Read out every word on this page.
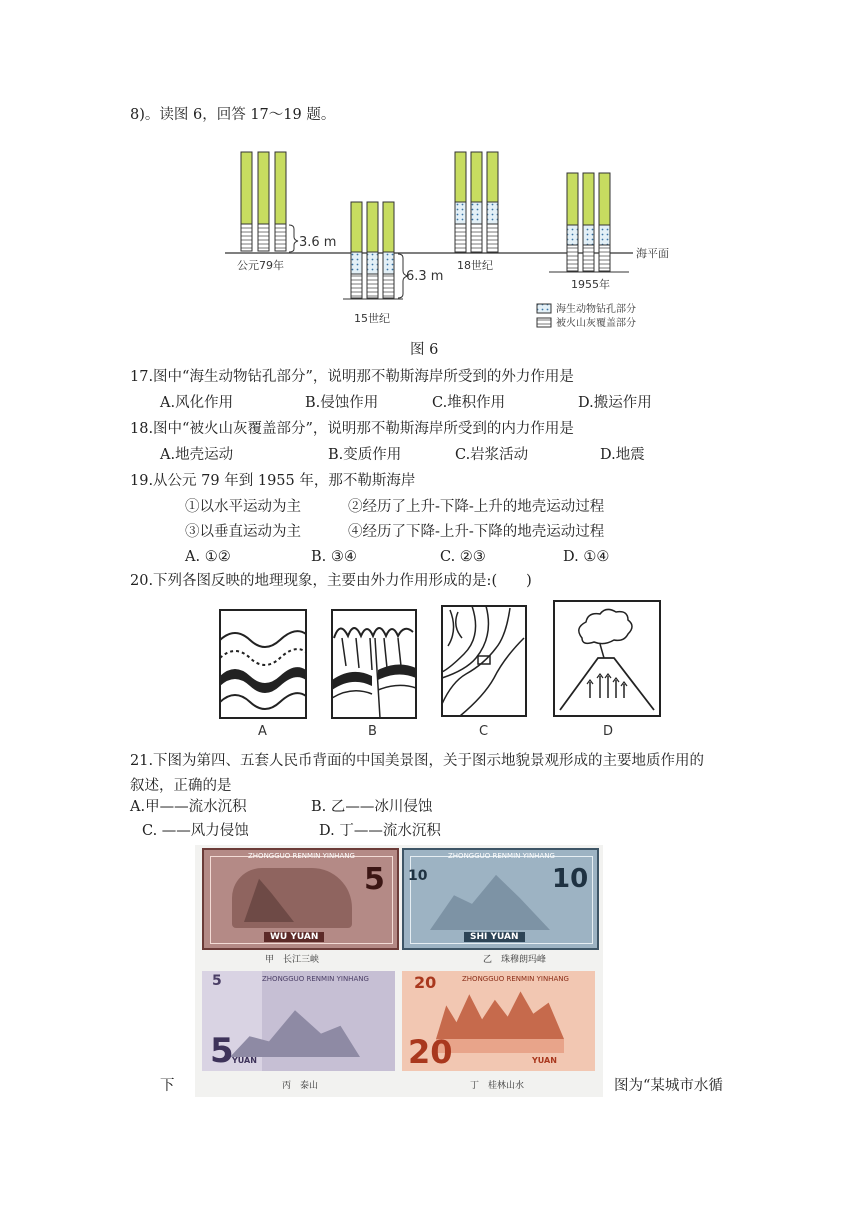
8)。读图 6，回答 17～19 题。
海平面
3.6 m
公元79年
6.3 m
15世纪
18世纪
1955年
海生动物钻孔部分
被火山灰覆盖部分
图 6
17.图中“海生动物钻孔部分”，说明那不勒斯海岸所受到的外力作用是
A.风化作用	B.侵蚀作用	C.堆积作用	D.搬运作用
18.图中“被火山灰覆盖部分”，说明那不勒斯海岸所受到的内力作用是
A.地壳运动	B.变质作用	C.岩浆活动	D.地震
19.从公元 79 年到 1955 年，那不勒斯海岸
①以水平运动为主	②经历了上升-下降-上升的地壳运动过程
③以垂直运动为主	④经历了下降-上升-下降的地壳运动过程
A. ①②	B. ③④	C. ②③	D. ①④
20.下列各图反映的地理现象，主要由外力作用形成的是:(　　)
A	B	C	D
21.下图为第四、五套人民币背面的中国美景图，关于图示地貌景观形成的主要地质作用的
叙述，正确的是
A.甲——流水沉积	B. 乙——冰川侵蚀
C. ——风力侵蚀	D. 丁——流水沉积
ZHONGGUO RENMIN YINHANG
5
WU YUAN
甲　长江三峡
ZHONGGUO RENMIN YINHANG
10	10
SHI YUAN
乙　珠穆朗玛峰
ZHONGGUO RENMIN YINHANG
5
5
YUAN
丙　泰山
ZHONGGUO RENMIN YINHANG
20
20	YUAN
丁　桂林山水
下	图为“某城市水循
